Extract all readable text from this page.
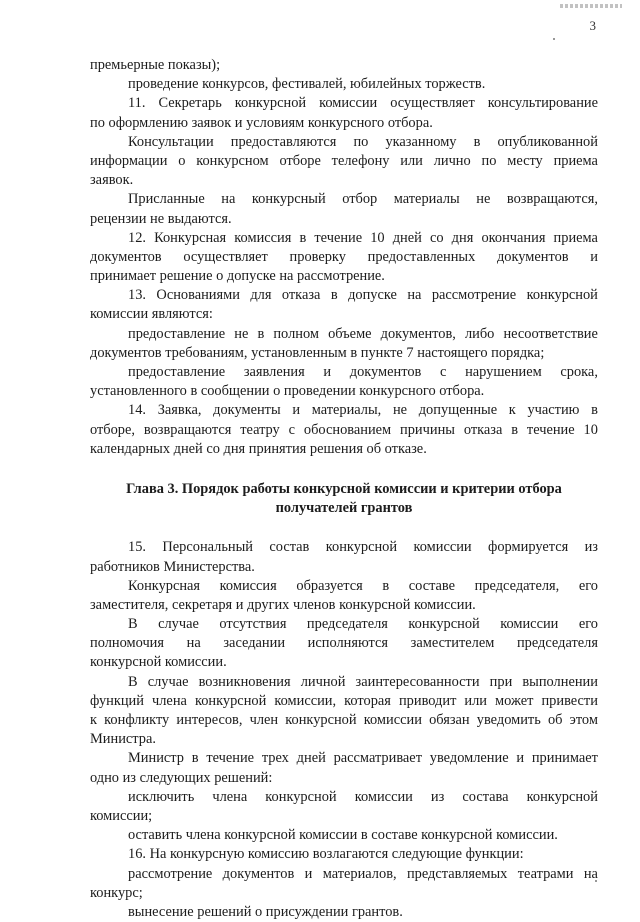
3
премьерные показы);
проведение конкурсов, фестивалей, юбилейных торжеств.
11. Секретарь конкурсной комиссии осуществляет консультирование
по оформлению заявок и условиям конкурсного отбора.
Консультации предоставляются по указанному в опубликованной
информации о конкурсном отборе телефону или лично по месту приема
заявок.
Присланные на конкурсный отбор материалы не возвращаются,
рецензии не выдаются.
12. Конкурсная комиссия в течение 10 дней со дня окончания приема
документов осуществляет проверку предоставленных документов и
принимает решение о допуске на рассмотрение.
13. Основаниями для отказа в допуске на рассмотрение конкурсной
комиссии являются:
предоставление не в полном объеме документов, либо несоответствие
документов требованиям, установленным в пункте 7 настоящего порядка;
предоставление заявления и документов с нарушением срока,
установленного в сообщении о проведении конкурсного отбора.
14. Заявка, документы и материалы, не допущенные к участию в
отборе, возвращаются театру с обоснованием причины отказа в течение 10
календарных дней со дня принятия решения об отказе.
Глава 3. Порядок работы конкурсной комиссии и критерии отбора
получателей грантов
15. Персональный состав конкурсной комиссии формируется из
работников Министерства.
Конкурсная комиссия образуется в составе председателя, его
заместителя, секретаря и других членов конкурсной комиссии.
В случае отсутствия председателя конкурсной комиссии его
полномочия на заседании исполняются заместителем председателя
конкурсной комиссии.
В случае возникновения личной заинтересованности при выполнении
функций члена конкурсной комиссии, которая приводит или может привести
к конфликту интересов, член конкурсной комиссии обязан уведомить об этом
Министра.
Министр в течение трех дней рассматривает уведомление и принимает
одно из следующих решений:
исключить члена конкурсной комиссии из состава конкурсной
комиссии;
оставить члена конкурсной комиссии в составе конкурсной комиссии.
16. На конкурсную комиссию возлагаются следующие функции:
рассмотрение документов и материалов, представляемых театрами на
конкурс;
вынесение решений о присуждении грантов.
